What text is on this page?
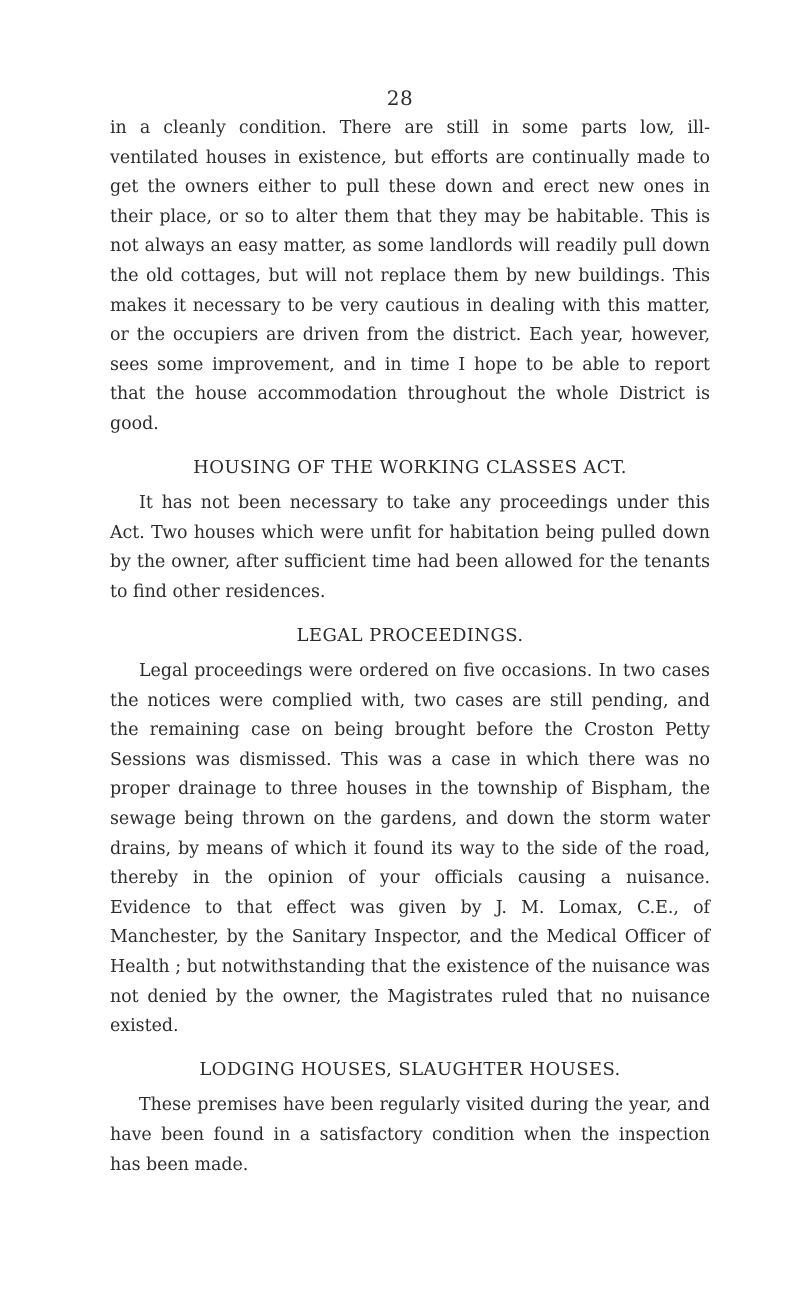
28

in a cleanly condition. There are still in some parts low, ill-ventilated houses in existence, but efforts are continually made to get the owners either to pull these down and erect new ones in their place, or so to alter them that they may be habitable. This is not always an easy matter, as some landlords will readily pull down the old cottages, but will not replace them by new buildings. This makes it necessary to be very cautious in dealing with this matter, or the occupiers are driven from the district. Each year, however, sees some improvement, and in time I hope to be able to report that the house accommodation throughout the whole District is good.

HOUSING OF THE WORKING CLASSES ACT.

It has not been necessary to take any proceedings under this Act. Two houses which were unfit for habitation being pulled down by the owner, after sufficient time had been allowed for the tenants to find other residences.

LEGAL PROCEEDINGS.

Legal proceedings were ordered on five occasions. In two cases the notices were complied with, two cases are still pending, and the remaining case on being brought before the Croston Petty Sessions was dismissed. This was a case in which there was no proper drainage to three houses in the township of Bispham, the sewage being thrown on the gardens, and down the storm water drains, by means of which it found its way to the side of the road, thereby in the opinion of your officials causing a nuisance. Evidence to that effect was given by J. M. Lomax, C.E., of Manchester, by the Sanitary Inspector, and the Medical Officer of Health ; but notwithstanding that the existence of the nuisance was not denied by the owner, the Magistrates ruled that no nuisance existed.

LODGING HOUSES, SLAUGHTER HOUSES.

These premises have been regularly visited during the year, and have been found in a satisfactory condition when the inspection has been made.
